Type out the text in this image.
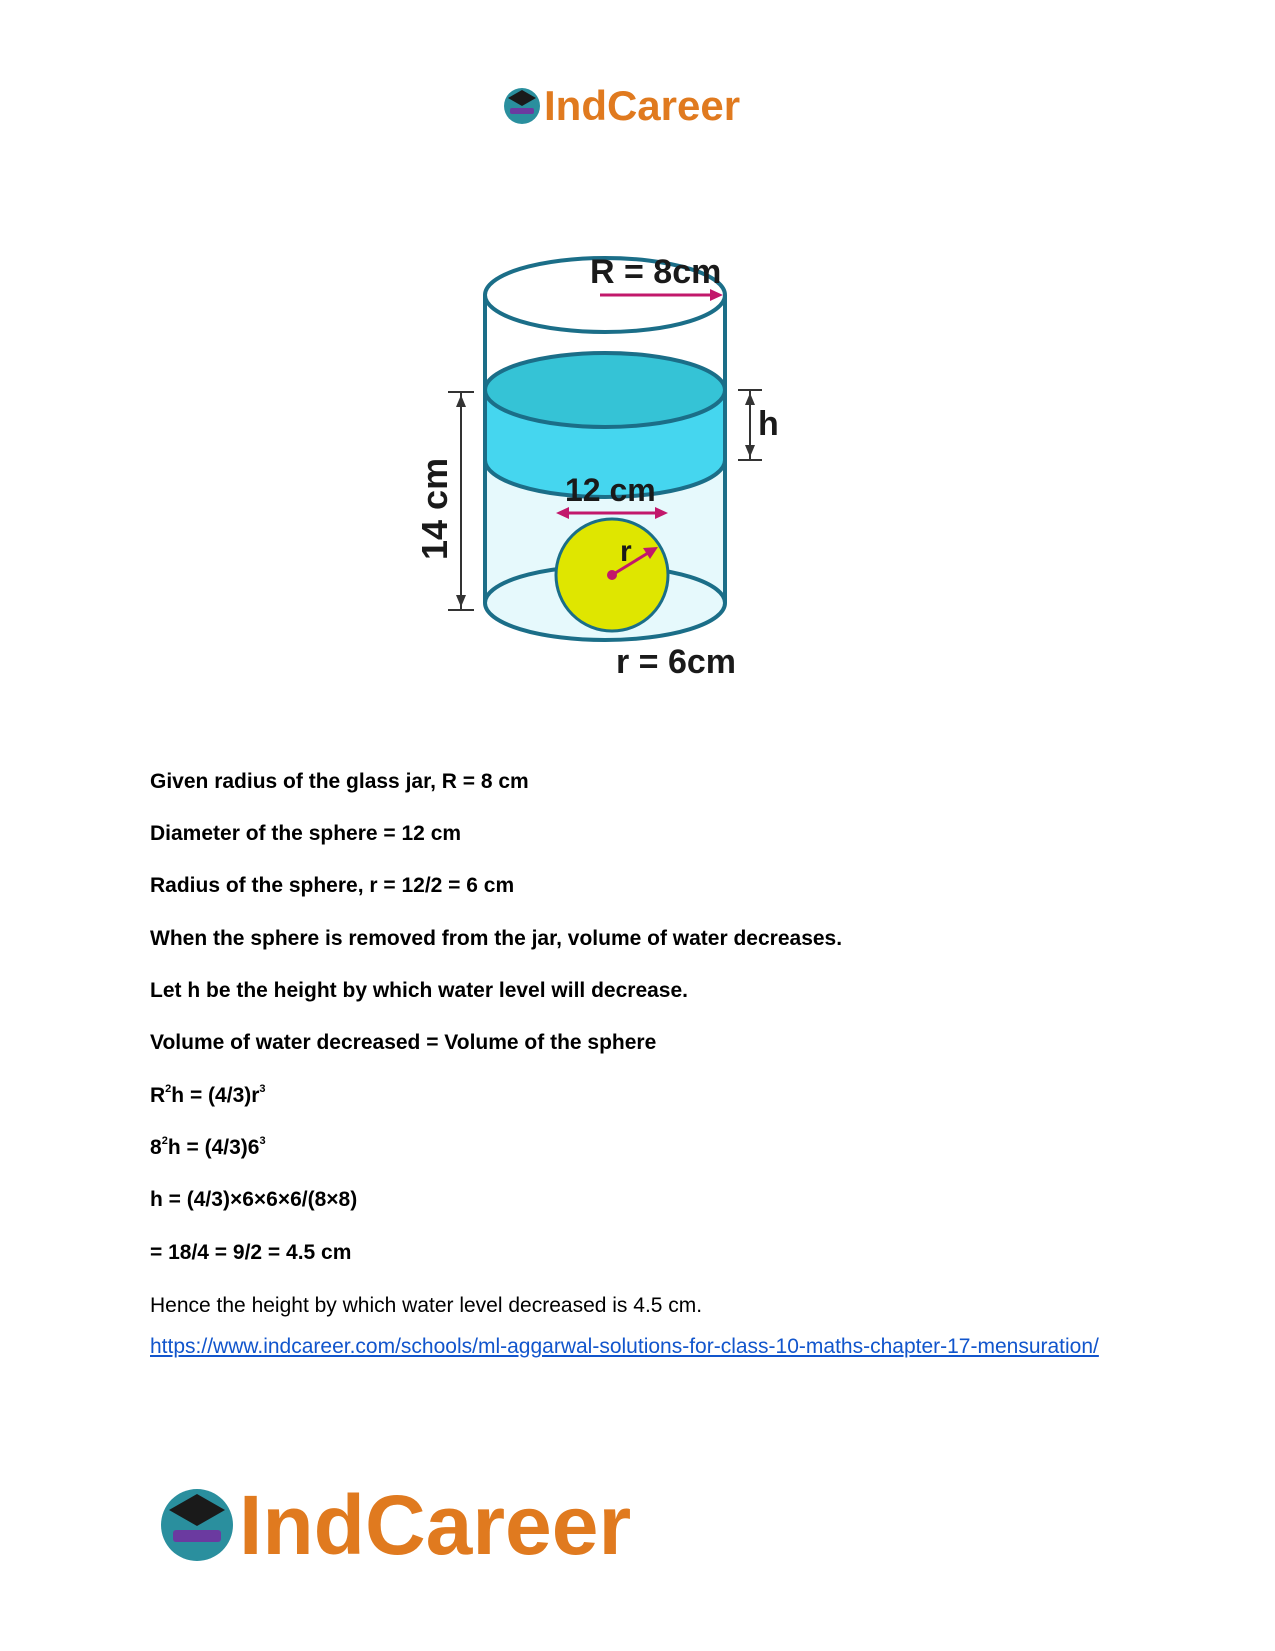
IndCareer
R = 8cm
h
14 cm	12 cm
r
r = 6cm
Given radius of the glass jar, R = 8 cm
Diameter of the sphere = 12 cm
Radius of the sphere, r = 12/2 = 6 cm
When the sphere is removed from the jar, volume of water decreases.
Let h be the height by which water level will decrease.
Volume of water decreased = Volume of the sphere
$R^2h = (4/3)r^3$
$8^2h = (4/3)6^3$
h = (4/3)×6×6×6/(8×8)
= 18/4 = 9/2 = 4.5 cm
Hence the height by which water level decreased is 4.5 cm.
https://www.indcareer.com/schools/ml-aggarwal-solutions-for-class-10-maths-chapter-17-mensuration/
IndCareer
